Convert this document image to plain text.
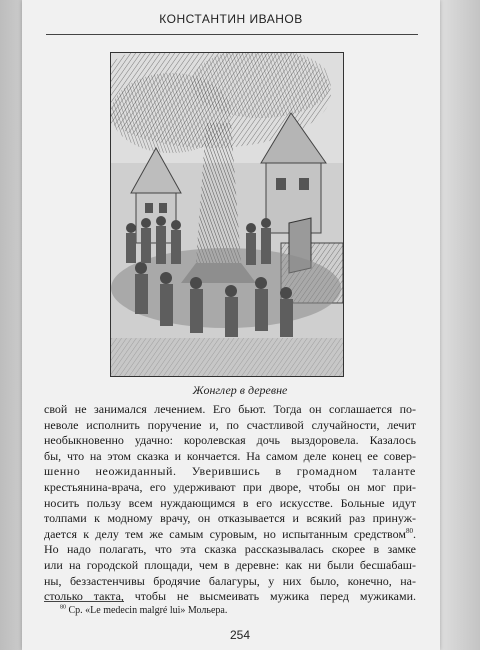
КОНСТАНТИН ИВАНОВ
Жонглер в деревне
свой не занимался лечением. Его бьют. Тогда он соглашается по-
неволе исполнить поручение и, по счастливой случайности, лечит
необыкновенно удачно: королевская дочь выздоровела. Казалось
бы, что на этом сказка и кончается. На самом деле конец ее совер-
шенно неожиданный. Уверившись в громадном таланте
крестьянина-врача, его удерживают при дворе, чтобы он мог при-
носить пользу всем нуждающимся в его искусстве. Больные идут
толпами к модному врачу, он отказывается и всякий раз принуж-
дается к делу тем же самым суровым, но испытанным средством$^{80}$.
Но надо полагать, что эта сказка рассказывалась скорее в замке
или на городской площади, чем в деревне: как ни были бесшабаш-
ны, беззастенчивы бродячие балагуры, у них было, конечно, на-
столько такта, чтобы не высмеивать мужика перед мужиками.
$^{80}$ Ср. «Le medecin malgré lui» Мольера.
254
